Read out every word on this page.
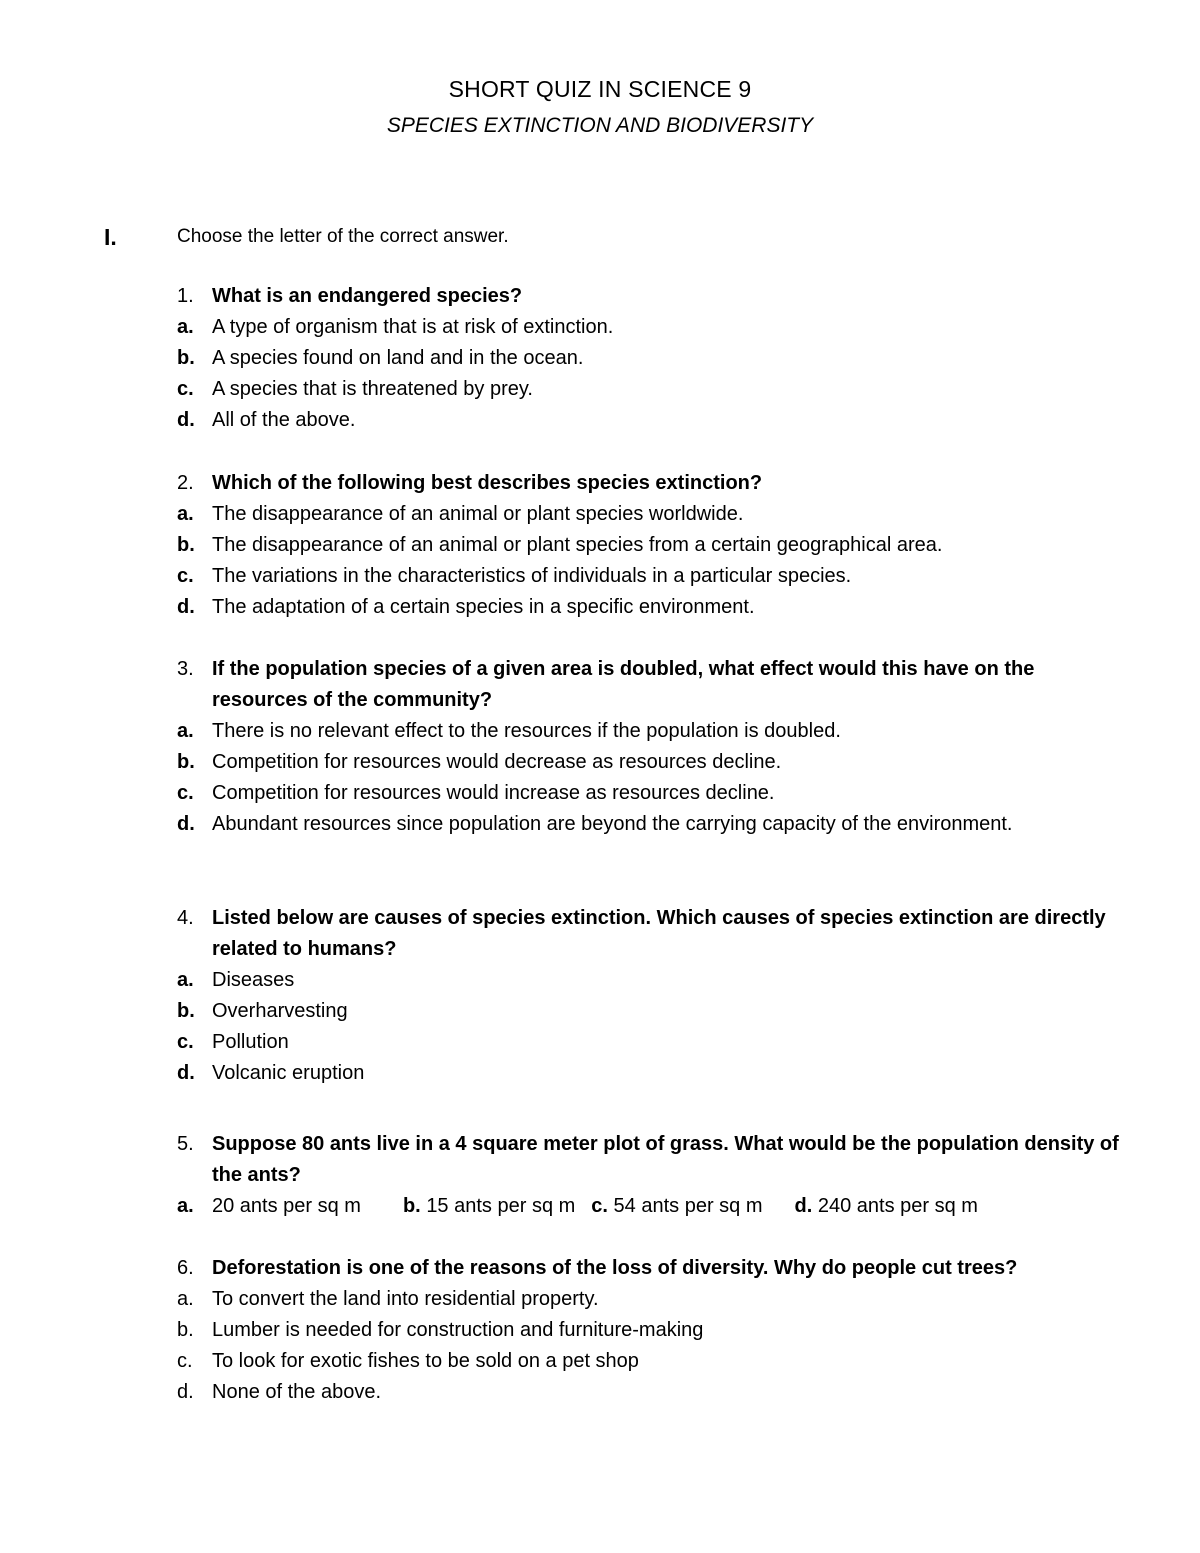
SHORT QUIZ IN SCIENCE 9
SPECIES EXTINCTION AND BIODIVERSITY
I.	Choose the letter of the correct answer.
1. What is an endangered species?
a. A type of organism that is at risk of extinction.
b. A species found on land and in the ocean.
c. A species that is threatened by prey.
d. All of the above.
2. Which of the following best describes species extinction?
a. The disappearance of an animal or plant species worldwide.
b. The disappearance of an animal or plant species from a certain geographical area.
c. The variations in the characteristics of individuals in a particular species.
d. The adaptation of a certain species in a specific environment.
3. If the population species of a given area is doubled, what effect would this have on the resources of the community?
a. There is no relevant effect to the resources if the population is doubled.
b. Competition for resources would decrease as resources decline.
c. Competition for resources would increase as resources decline.
d. Abundant resources since population are beyond the carrying capacity of the environment.
4. Listed below are causes of species extinction. Which causes of species extinction are directly related to humans?
a. Diseases
b. Overharvesting
c. Pollution
d. Volcanic eruption
5. Suppose 80 ants live in a 4 square meter plot of grass. What would be the population density of the ants?
a. 20 ants per sq m b. 15 ants per sq m c. 54 ants per sq m d. 240 ants per sq m
6. Deforestation is one of the reasons of the loss of diversity. Why do people cut trees?
a. To convert the land into residential property.
b. Lumber is needed for construction and furniture-making
c. To look for exotic fishes to be sold on a pet shop
d. None of the above.
